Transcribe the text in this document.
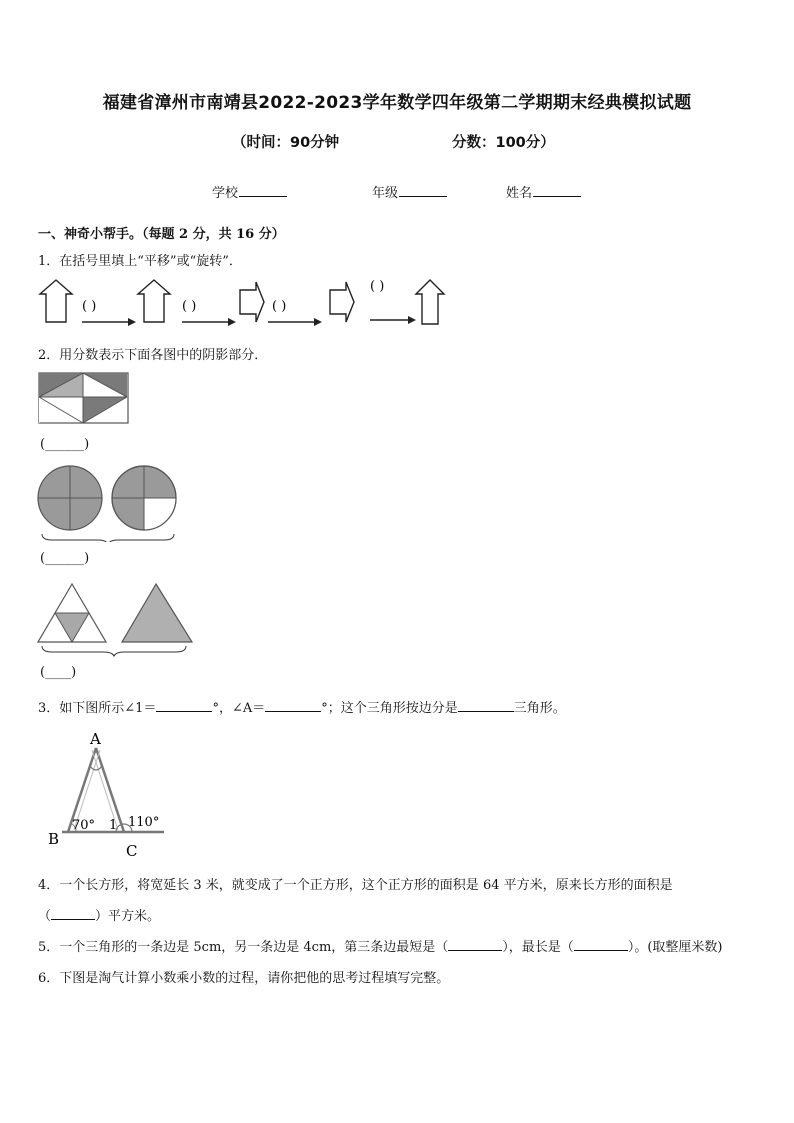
福建省漳州市南靖县2022-2023学年数学四年级第二学期期末经典模拟试题
（时间：90分钟	分数：100分）
学校	年级	姓名
一、神奇小帮手。（每题 2 分，共 16 分）
1．在括号里填上“平移”或“旋转”．
( )	( )	( )
( )
2．用分数表示下面各图中的阴影部分．
(______)
(______)
(____)
3．如下图所示∠1＝	°，∠A＝	°；这个三角形按边分是	三角形。
A
B
C
70° 1 110°
4．一个长方形，将宽延长 3 米，就变成了一个正方形，这个正方形的面积是 64 平方米，原来长方形的面积是
（	）平方米。
5．一个三角形的一条边是 5cm，另一条边是 4cm，第三条边最短是（	），最长是（	）。(取整厘米数)
6．下图是淘气计算小数乘小数的过程，请你把他的思考过程填写完整。
